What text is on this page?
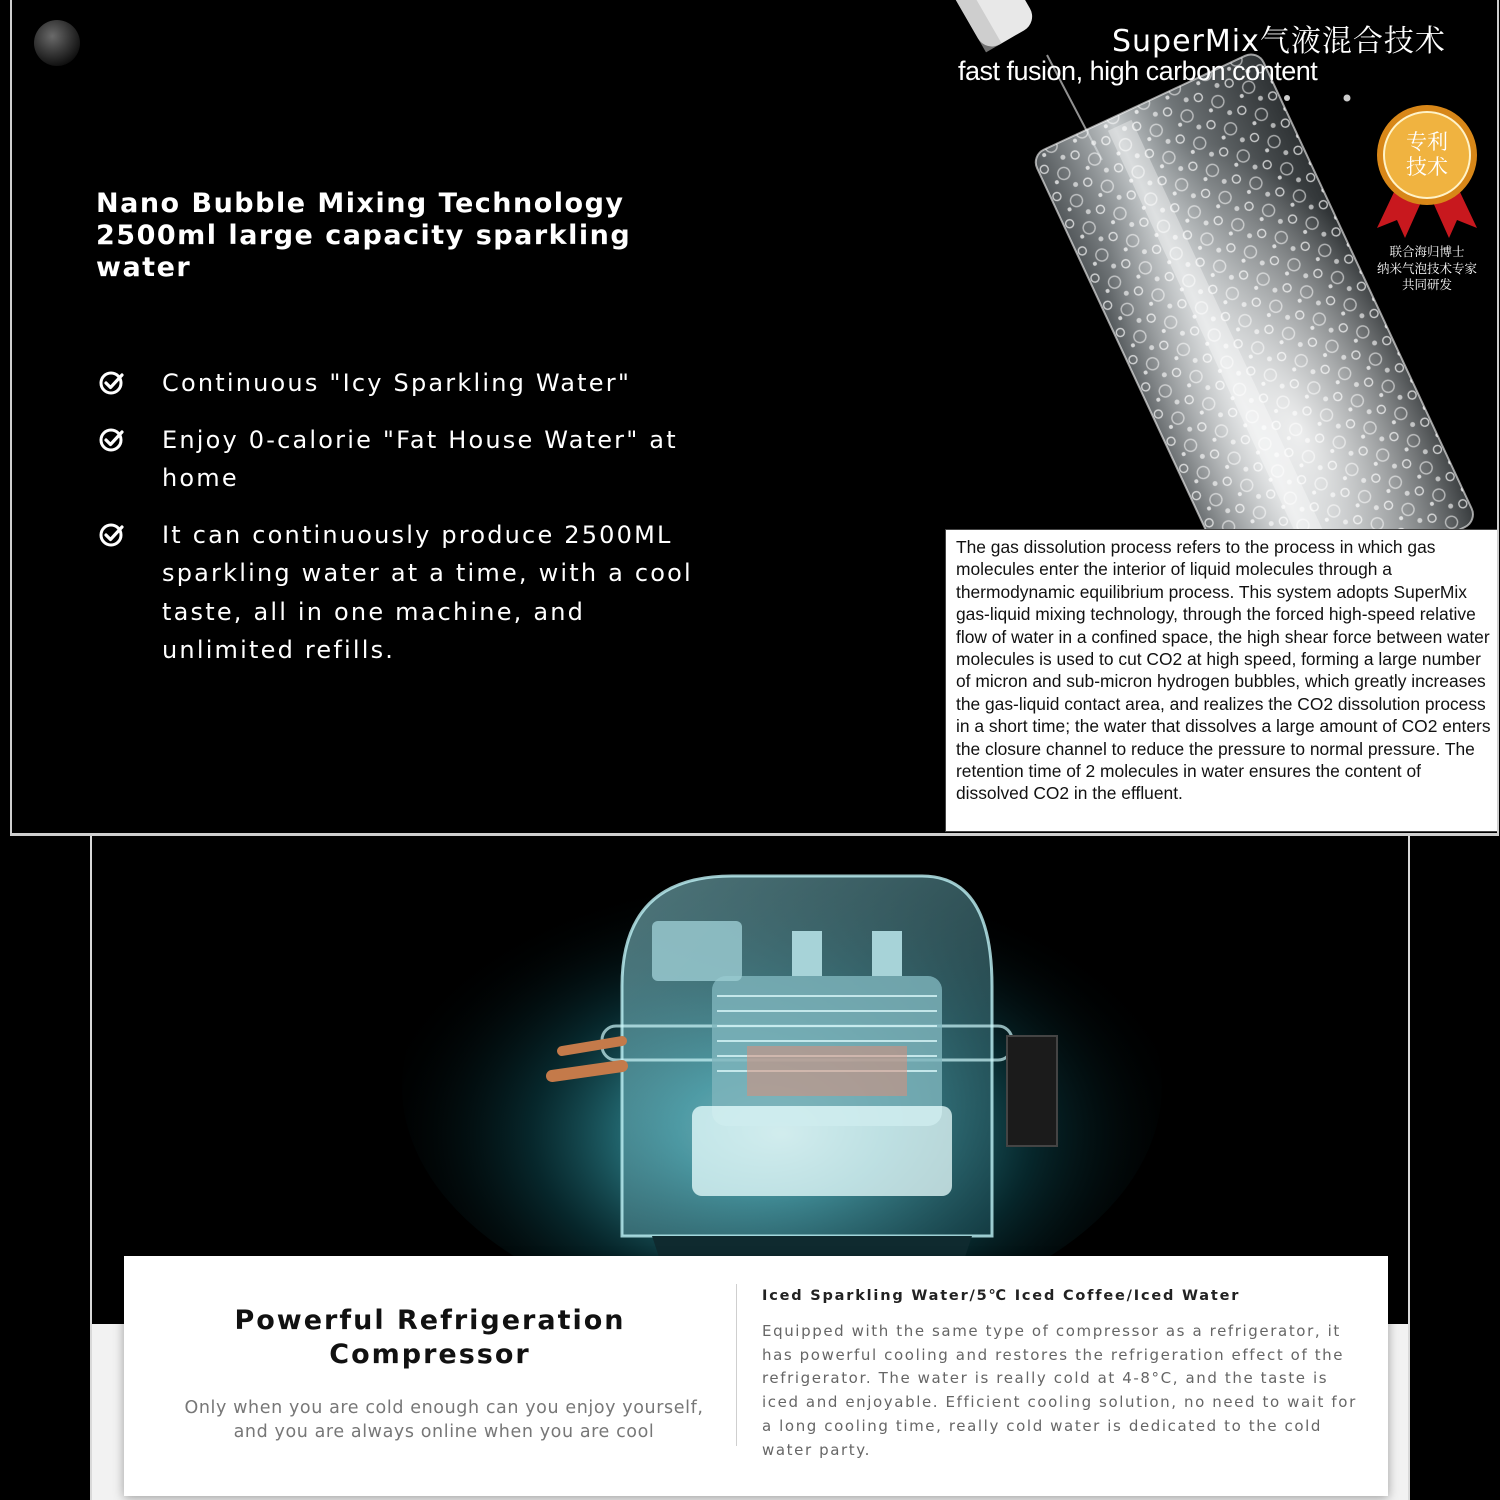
Nano Bubble Mixing Technology
2500ml large capacity sparkling
water
Continuous "Icy Sparkling Water"
Enjoy 0-calorie "Fat House Water" at home
It can continuously produce 2500ML sparkling water at a time, with a cool taste, all in one machine, and unlimited refills.
SuperMix气液混合技术
fast fusion, high carbon content
专利
技术
联合海归博士
纳米气泡技术专家
共同研发

The gas dissolution process refers to the process in which gas molecules enter the interior of liquid molecules through a thermodynamic equilibrium process. This system adopts SuperMix gas-liquid mixing technology, through the forced high-speed relative flow of water in a confined space, the high shear force between water molecules is used to cut CO2 at high speed, forming a large number of micron and sub-micron hydrogen bubbles, which greatly increases the gas-liquid contact area, and realizes the CO2 dissolution process in a short time; the water that dissolves a large amount of CO2 enters the closure channel to reduce the pressure to normal pressure. The retention time of 2 molecules in water ensures the content of dissolved CO2 in the effluent.

Powerful Refrigeration
Compressor

Only when you are cold enough can you enjoy yourself,
and you are always online when you are cool

Iced Sparkling Water/5℃ Iced Coffee/Iced Water

Equipped with the same type of compressor as a refrigerator, it has powerful cooling and restores the refrigeration effect of the refrigerator. The water is really cold at 4-8°C, and the taste is iced and enjoyable. Efficient cooling solution, no need to wait for a long cooling time, really cold water is dedicated to the cold water party.
